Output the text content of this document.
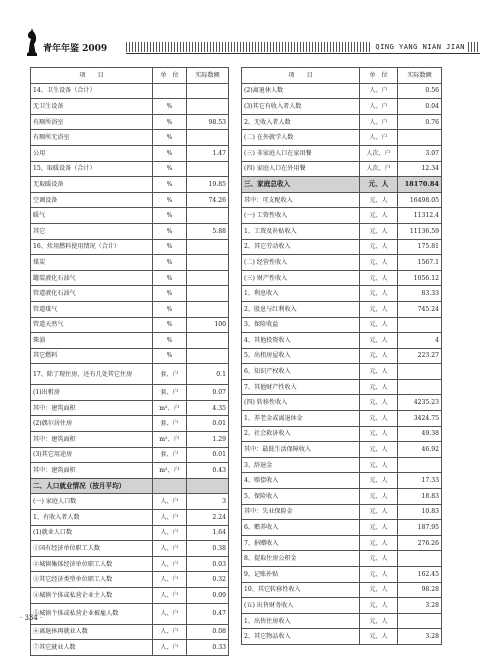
青年年鉴 2009	QING YANG NIAN JIAN
项　　目	单　位	实际数额
14、卫生设备（合计）		
无卫生设备	%	
有厕所浴室	%	98.53
有厕所无浴室	%	
公用	%	1.47
15、取暖设备（合计）	%	
无取暖设备	%	19.85
空调设备	%	74.26
暖气	%	
其它	%	5.88
16、炊用燃料使用情况（合计）	%	
煤炭	%	
罐装液化石油气	%	
管道液化石油气	%	
管道煤气	%	
管道天然气	%	100
柴油	%	
其它燃料	%	

17、除了现住房，还有几处其它住房	套、户	0.1
(1)出租房	套、户	0.07
其中：建筑面积	m²、户	4.35
(2)偶尔居住房	套、户	0.01
其中：建筑面积	m²、户	1.29
(3)其它用途房	套、户	0.01
其中：建筑面积	m²、户	0.43
二、人口就业情况（按月平均）		
(一) 家庭人口数	人、户	3
1、有收入者人数	人、户	2.24
(1)就业人口数	人、户	1.64
①国有经济单位职工人数	人、户	0.38
②城镇集体经济单位职工人数	人、户	0.03
③其它经济类型单位职工人数	人、户	0.32
④城镇个体或私营企业主人数	人、户	0.09

⑤城镇个体或私营企业被雇人数	人、户	0.47
⑥离退休再就业人数	人、户	0.08
⑦其它就业人数	人、户	0.33
项　　目	单　位	实际数额
(2)离退休人数	人、户	0.56
(3)其它有收入者人数	人、户	0.04
2、无收入者人数	人、户	0.76
(二) 在外就学人数	人、户	
(三) 非家庭人口在家用餐	人次、户	3.07
(四) 家庭人口在外用餐	人次、户	12.34
三、家庭总收入	元、人	18170.84
其中：可支配收入	元、人	16498.05
(一) 工资性收入	元、人	11312.4
1、工资及补贴收入	元、人	11136.59
2、其它劳动收入	元、人	175.81
(二) 经营性收入	元、人	1567.1
(三) 财产性收入	元、人	1056.12
1、利息收入	元、人	83.33
2、股息与红利收入	元、人	745.24
3、保险收益	元、人	
4、其他投资收入	元、人	4
5、出租房屋收入	元、人	223.27
6、知识产权收入	元、人	
7、其他财产性收入	元、人	
(四) 转移性收入	元、人	4235.23
1、养老金或离退休金	元、人	3424.75
2、社会救济收入	元、人	49.38
其中：最低生活保障收入	元、人	46.92
3、辞退金	元、人	
4、赔偿收入	元、人	17.33
5、保险收入	元、人	18.83
其中：失业保险金	元、人	10.83
6、赡养收入	元、人	187.95
7、捐赠收入	元、人	276.26
8、提取住房公积金	元、人	
9、记账补贴	元、人	162.45
10、其它转移性收入	元、人	98.28
(五) 出售财务收入	元、人	3.28
1、出售住房收入	元、人	
2、其它物品收入	元、人	3.28
· 334 ·
